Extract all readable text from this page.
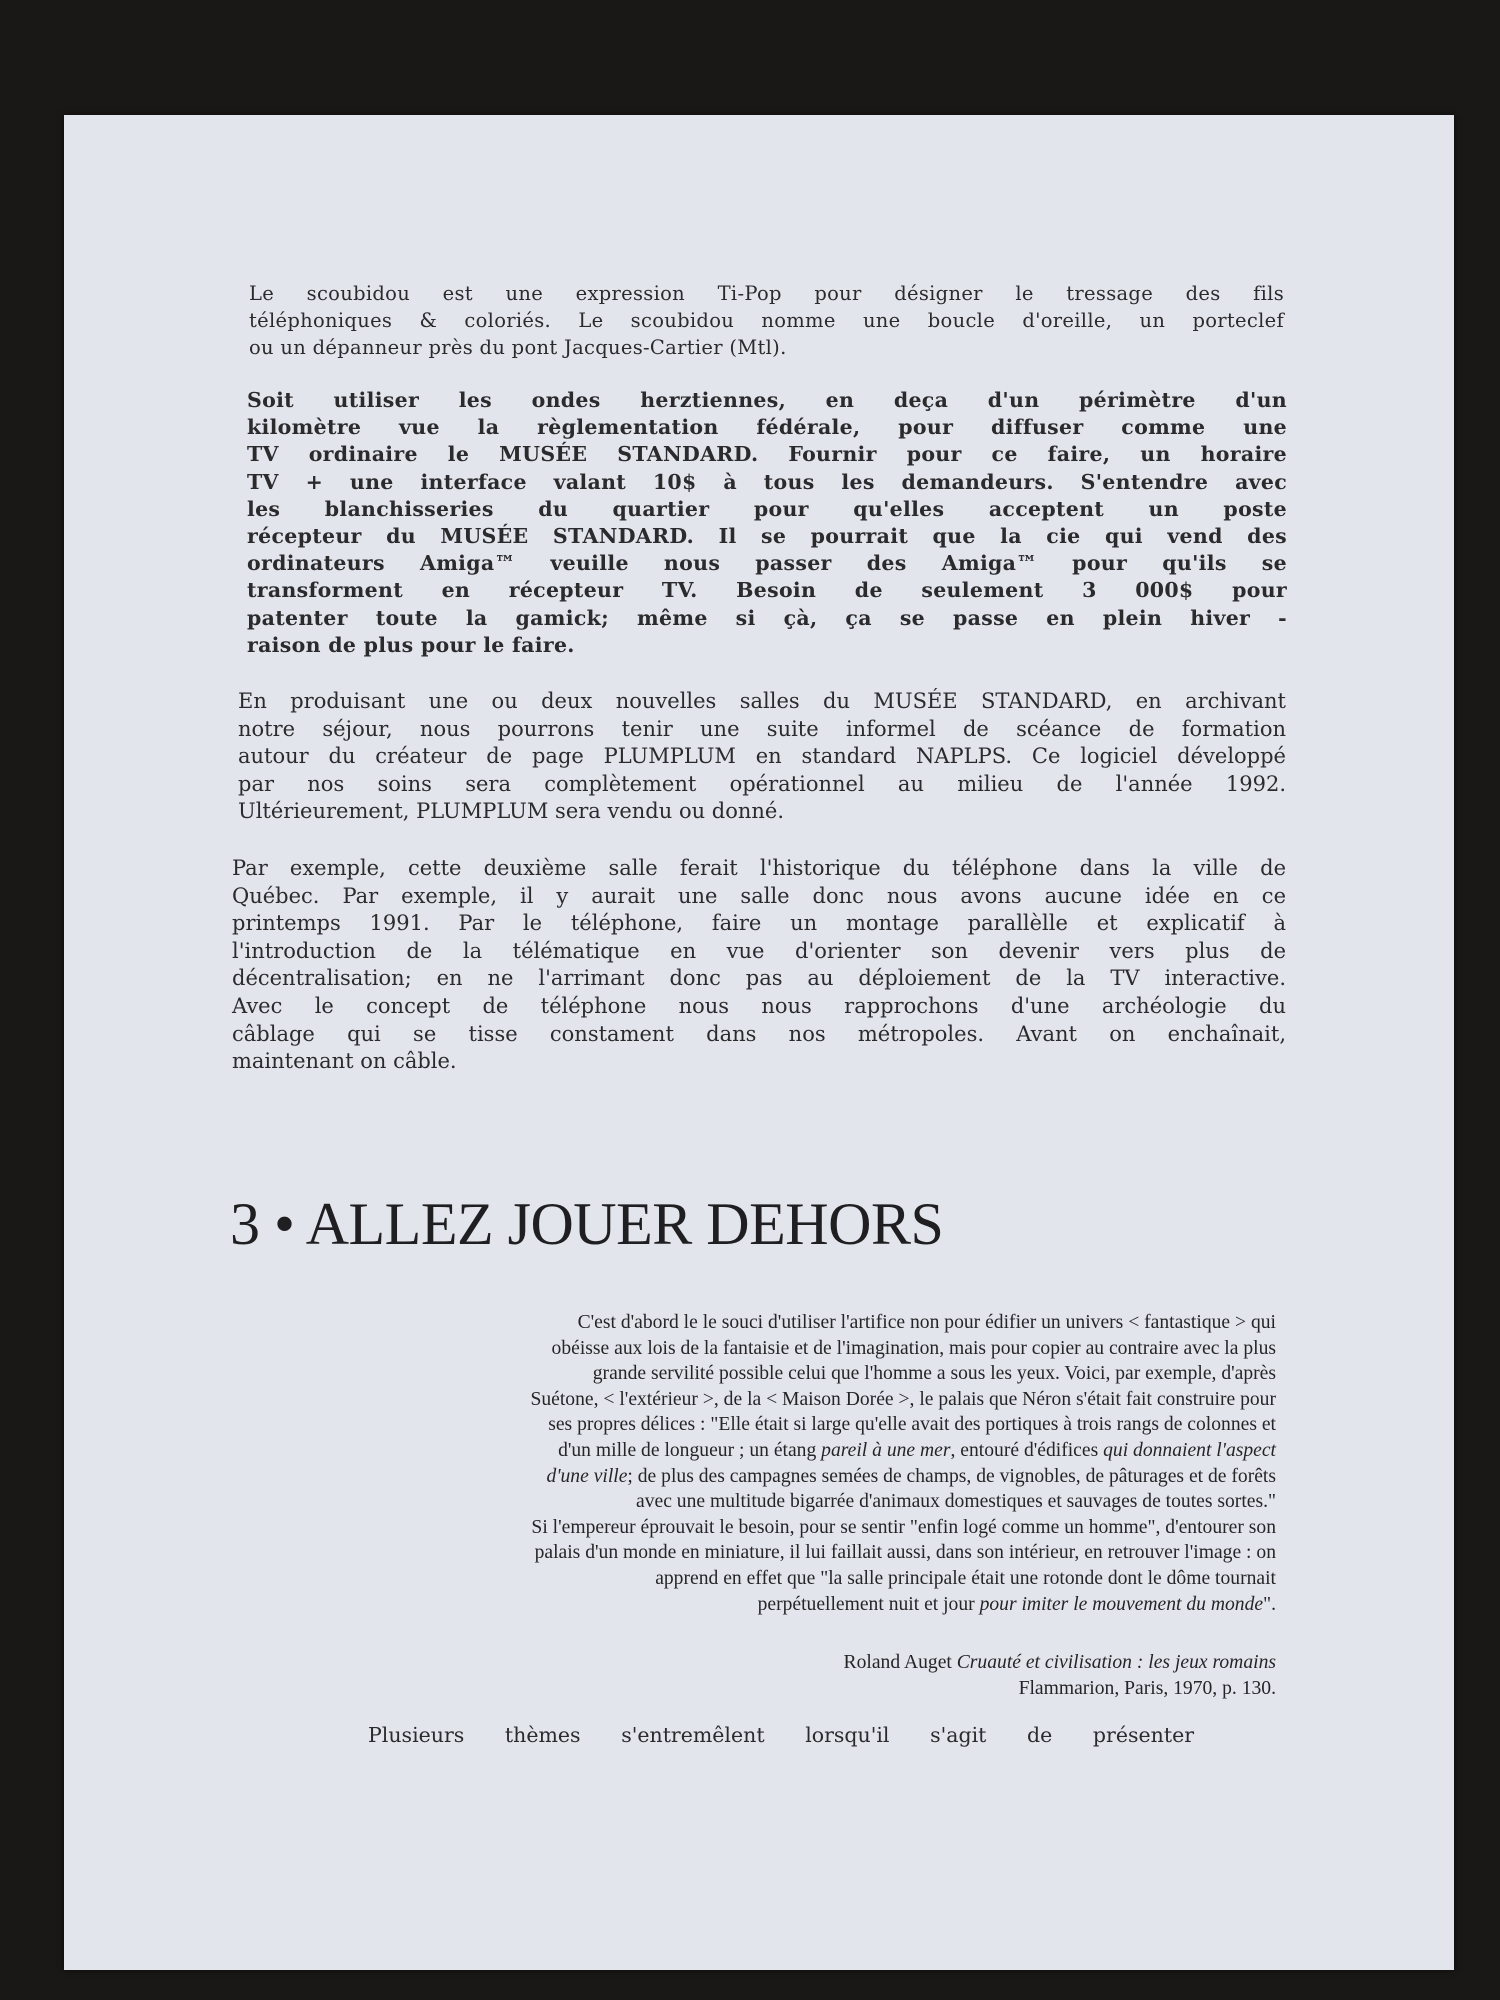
Le scoubidou est une expression Ti-Pop pour désigner le tressage des fils
téléphoniques & coloriés. Le scoubidou nomme une boucle d'oreille, un porteclef
ou un dépanneur près du pont Jacques-Cartier (Mtl).
Soit utiliser les ondes herztiennes, en deça d'un périmètre d'un
kilomètre vue la règlementation fédérale, pour diffuser comme une
TV ordinaire le MUSÉE STANDARD. Fournir pour ce faire, un horaire
TV + une interface valant 10$ à tous les demandeurs. S'entendre avec
les blanchisseries du quartier pour qu'elles acceptent un poste
récepteur du MUSÉE STANDARD. Il se pourrait que la cie qui vend des
ordinateurs Amiga™ veuille nous passer des Amiga™ pour qu'ils se
transforment en récepteur TV. Besoin de seulement 3 000$ pour
patenter toute la gamick; même si çà, ça se passe en plein hiver -
raison de plus pour le faire.
En produisant une ou deux nouvelles salles du MUSÉE STANDARD, en archivant
notre séjour, nous pourrons tenir une suite informel de scéance de formation
autour du créateur de page PLUMPLUM en standard NAPLPS. Ce logiciel développé
par nos soins sera complètement opérationnel au milieu de l'année 1992.
Ultérieurement, PLUMPLUM sera vendu ou donné.
Par exemple, cette deuxième salle ferait l'historique du téléphone dans la ville de
Québec. Par exemple, il y aurait une salle donc nous avons aucune idée en ce
printemps 1991. Par le téléphone, faire un montage parallèlle et explicatif à
l'introduction de la télématique en vue d'orienter son devenir vers plus de
décentralisation; en ne l'arrimant donc pas au déploiement de la TV interactive.
Avec le concept de téléphone nous nous rapprochons d'une archéologie du
câblage qui se tisse constament dans nos métropoles. Avant on enchaînait,
maintenant on câble.
3 • ALLEZ JOUER DEHORS
C'est d'abord le le souci d'utiliser l'artifice non pour édifier un univers < fantastique > qui
obéisse aux lois de la fantaisie et de l'imagination, mais pour copier au contraire avec la plus
grande servilité possible celui que l'homme a sous les yeux. Voici, par exemple, d'après
Suétone, < l'extérieur >, de la < Maison Dorée >, le palais que Néron s'était fait construire pour
ses propres délices : "Elle était si large qu'elle avait des portiques à trois rangs de colonnes et
d'un mille de longueur ; un étang pareil à une mer, entouré d'édifices qui donnaient l'aspect
d'une ville; de plus des campagnes semées de champs, de vignobles, de pâturages et de forêts
avec une multitude bigarrée d'animaux domestiques et sauvages de toutes sortes."
Si l'empereur éprouvait le besoin, pour se sentir "enfin logé comme un homme", d'entourer son
palais d'un monde en miniature, il lui faillait aussi, dans son intérieur, en retrouver l'image : on
apprend en effet que "la salle principale était une rotonde dont le dôme tournait
perpétuellement nuit et jour pour imiter le mouvement du monde".
Roland Auget Cruauté et civilisation : les jeux romains
Flammarion, Paris, 1970, p. 130.

Plusieurs thèmes s'entremêlent lorsqu'il s'agit de présenter
